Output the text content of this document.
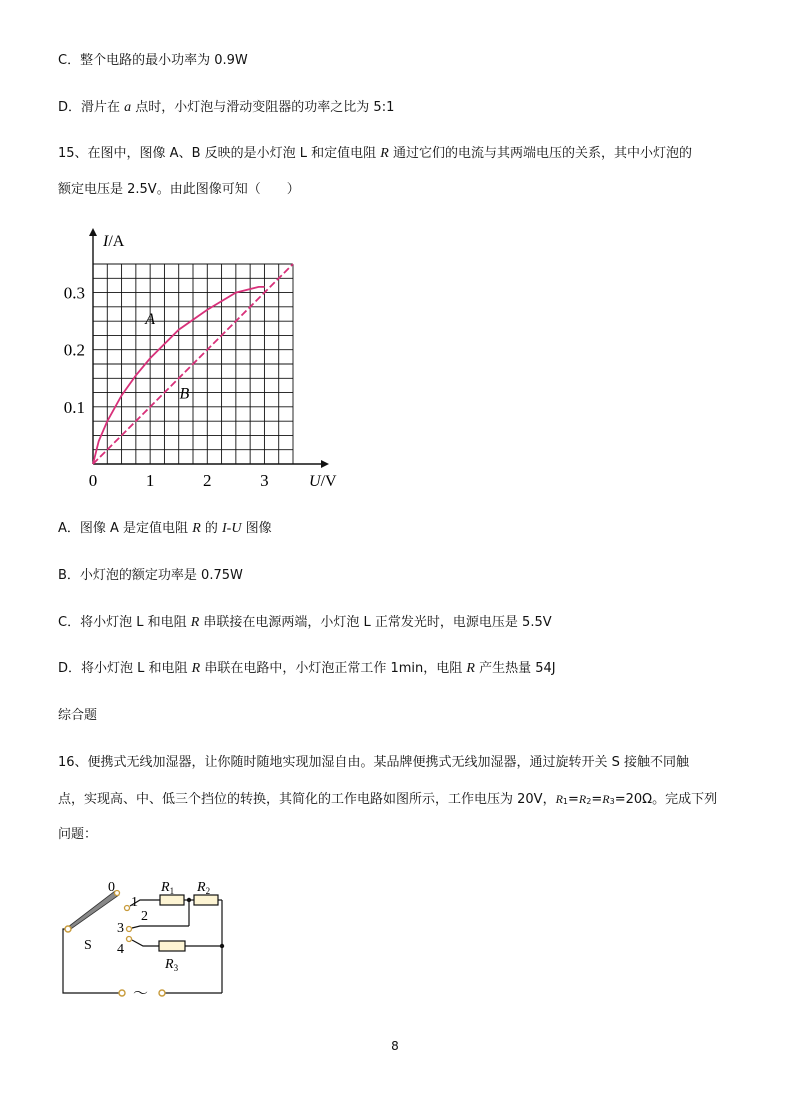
C．整个电路的最小功率为 0.9W
D．滑片在 a 点时，小灯泡与滑动变阻器的功率之比为 5:1
15、在图中，图像 A、B 反映的是小灯泡 L 和定值电阻 R 通过它们的电流与其两端电压的关系，其中小灯泡的
额定电压是 2.5V。由此图像可知（　　）
0	1	2	3
0.1
0.2
0.3
A
B
I/A
U/V
A．图像 A 是定值电阻 R 的 I-U 图像
B．小灯泡的额定功率是 0.75W
C．将小灯泡 L 和电阻 R 串联接在电源两端，小灯泡 L 正常发光时，电源电压是 5.5V
D．将小灯泡 L 和电阻 R 串联在电路中，小灯泡正常工作 1min，电阻 R 产生热量 54J
综合题
16、便携式无线加湿器，让你随时随地实现加湿自由。某品牌便携式无线加湿器，通过旋转开关 S 接触不同触
点，实现高、中、低三个挡位的转换，其简化的工作电路如图所示，工作电压为 20V，R1=R2=R3=20Ω。完成下列
问题：
0
1
2
3
4
S
$R_1$ $R_2$
$R_3$
～
8
